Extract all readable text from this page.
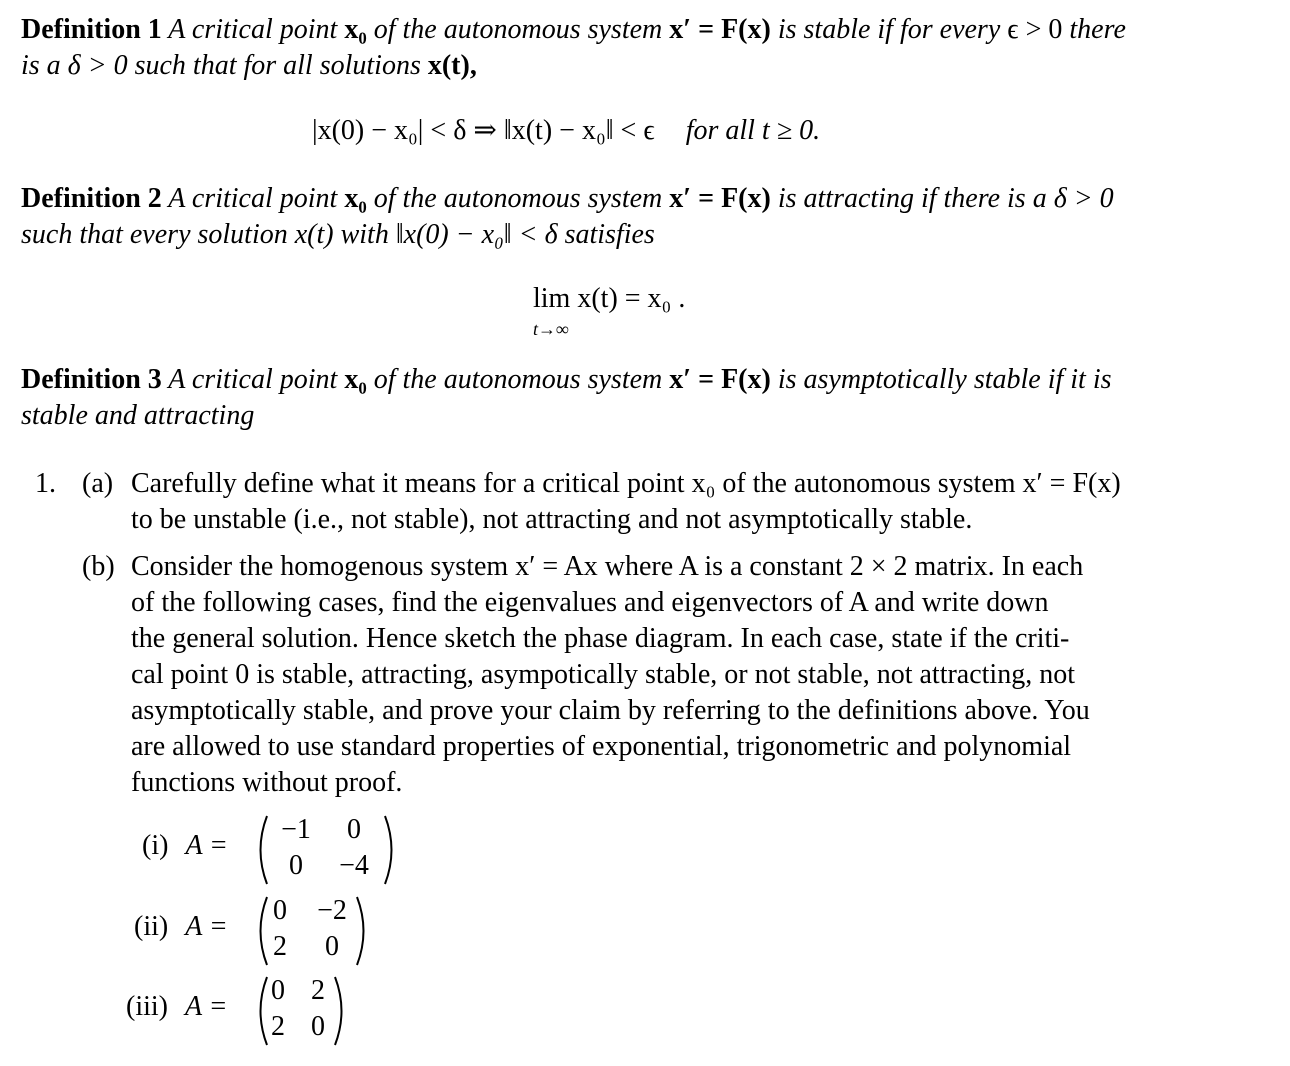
Definition 1 A critical point x₀ of the autonomous system x′ = F(x) is stable if for every ϵ > 0 there
is a δ > 0 such that for all solutions x(t),
|x(0) − x₀| < δ ⇒ ‖x(t) − x₀‖ < ϵ for all t ≥ 0.
Definition 2 A critical point x₀ of the autonomous system x′ = F(x) is attracting if there is a δ > 0
such that every solution x(t) with ‖x(0) − x₀‖ < δ satisfies
lim x(t) = x₀ .
t→∞
Definition 3 A critical point x₀ of the autonomous system x′ = F(x) is asymptotically stable if it is
stable and attracting
1. (a) Carefully define what it means for a critical point x₀ of the autonomous system x′ = F(x)
to be unstable (i.e., not stable), not attracting and not asymptotically stable.
(b) Consider the homogenous system x′ = Ax where A is a constant 2 × 2 matrix. In each
of the following cases, find the eigenvalues and eigenvectors of A and write down
the general solution. Hence sketch the phase diagram. In each case, state if the criti-
cal point 0 is stable, attracting, asympotically stable, or not stable, not attracting, not
asymptotically stable, and prove your claim by referring to the definitions above. You
are allowed to use standard properties of exponential, trigonometric and polynomial
functions without proof.
(i) A =
−1	0
0	−4
(ii) A =
0	−2
2	0
(iii) A =
0 2
2 0
